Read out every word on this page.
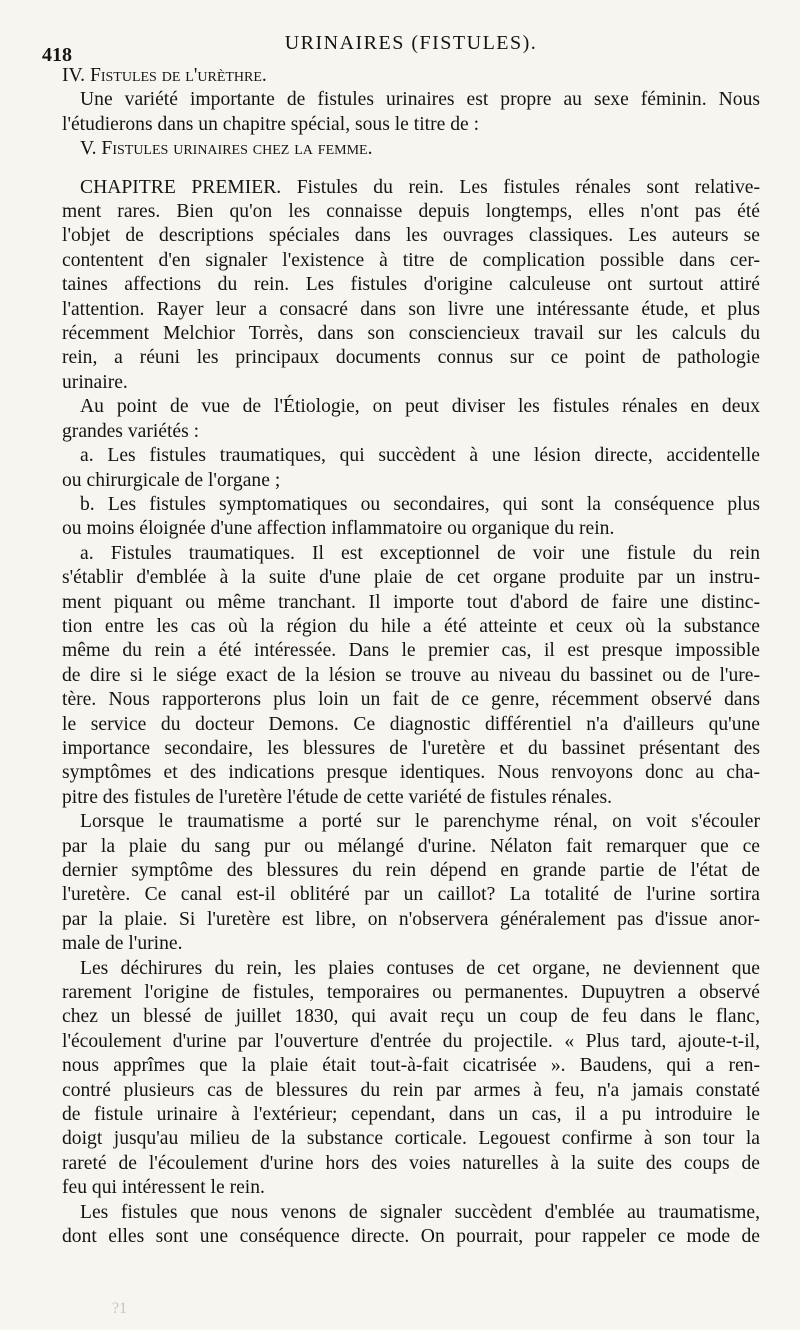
418
URINAIRES (FISTULES).
IV. Fistules de l'urèthre.
Une variété importante de fistules urinaires est propre au sexe féminin. Nous
l'étudierons dans un chapitre spécial, sous le titre de :
V. Fistules urinaires chez la femme.
CHAPITRE PREMIER. Fistules du rein. Les fistules rénales sont relative-
ment rares. Bien qu'on les connaisse depuis longtemps, elles n'ont pas été
l'objet de descriptions spéciales dans les ouvrages classiques. Les auteurs se
contentent d'en signaler l'existence à titre de complication possible dans cer-
taines affections du rein. Les fistules d'origine calculeuse ont surtout attiré
l'attention. Rayer leur a consacré dans son livre une intéressante étude, et plus
récemment Melchior Torrès, dans son consciencieux travail sur les calculs du
rein, a réuni les principaux documents connus sur ce point de pathologie
urinaire.
Au point de vue de l'Étiologie, on peut diviser les fistules rénales en deux
grandes variétés :
a. Les fistules traumatiques, qui succèdent à une lésion directe, accidentelle
ou chirurgicale de l'organe ;
b. Les fistules symptomatiques ou secondaires, qui sont la conséquence plus
ou moins éloignée d'une affection inflammatoire ou organique du rein.
a. Fistules traumatiques. Il est exceptionnel de voir une fistule du rein
s'établir d'emblée à la suite d'une plaie de cet organe produite par un instru-
ment piquant ou même tranchant. Il importe tout d'abord de faire une distinc-
tion entre les cas où la région du hile a été atteinte et ceux où la substance
même du rein a été intéressée. Dans le premier cas, il est presque impossible
de dire si le siége exact de la lésion se trouve au niveau du bassinet ou de l'ure-
tère. Nous rapporterons plus loin un fait de ce genre, récemment observé dans
le service du docteur Demons. Ce diagnostic différentiel n'a d'ailleurs qu'une
importance secondaire, les blessures de l'uretère et du bassinet présentant des
symptômes et des indications presque identiques. Nous renvoyons donc au cha-
pitre des fistules de l'uretère l'étude de cette variété de fistules rénales.
Lorsque le traumatisme a porté sur le parenchyme rénal, on voit s'écouler
par la plaie du sang pur ou mélangé d'urine. Nélaton fait remarquer que ce
dernier symptôme des blessures du rein dépend en grande partie de l'état de
l'uretère. Ce canal est-il oblitéré par un caillot? La totalité de l'urine sortira
par la plaie. Si l'uretère est libre, on n'observera généralement pas d'issue anor-
male de l'urine.
Les déchirures du rein, les plaies contuses de cet organe, ne deviennent que
rarement l'origine de fistules, temporaires ou permanentes. Dupuytren a observé
chez un blessé de juillet 1830, qui avait reçu un coup de feu dans le flanc,
l'écoulement d'urine par l'ouverture d'entrée du projectile. « Plus tard, ajoute-t-il,
nous apprîmes que la plaie était tout-à-fait cicatrisée ». Baudens, qui a ren-
contré plusieurs cas de blessures du rein par armes à feu, n'a jamais constaté
de fistule urinaire à l'extérieur; cependant, dans un cas, il a pu introduire le
doigt jusqu'au milieu de la substance corticale. Legouest confirme à son tour la
rareté de l'écoulement d'urine hors des voies naturelles à la suite des coups de
feu qui intéressent le rein.
Les fistules que nous venons de signaler succèdent d'emblée au traumatisme,
dont elles sont une conséquence directe. On pourrait, pour rappeler ce mode de
?1
